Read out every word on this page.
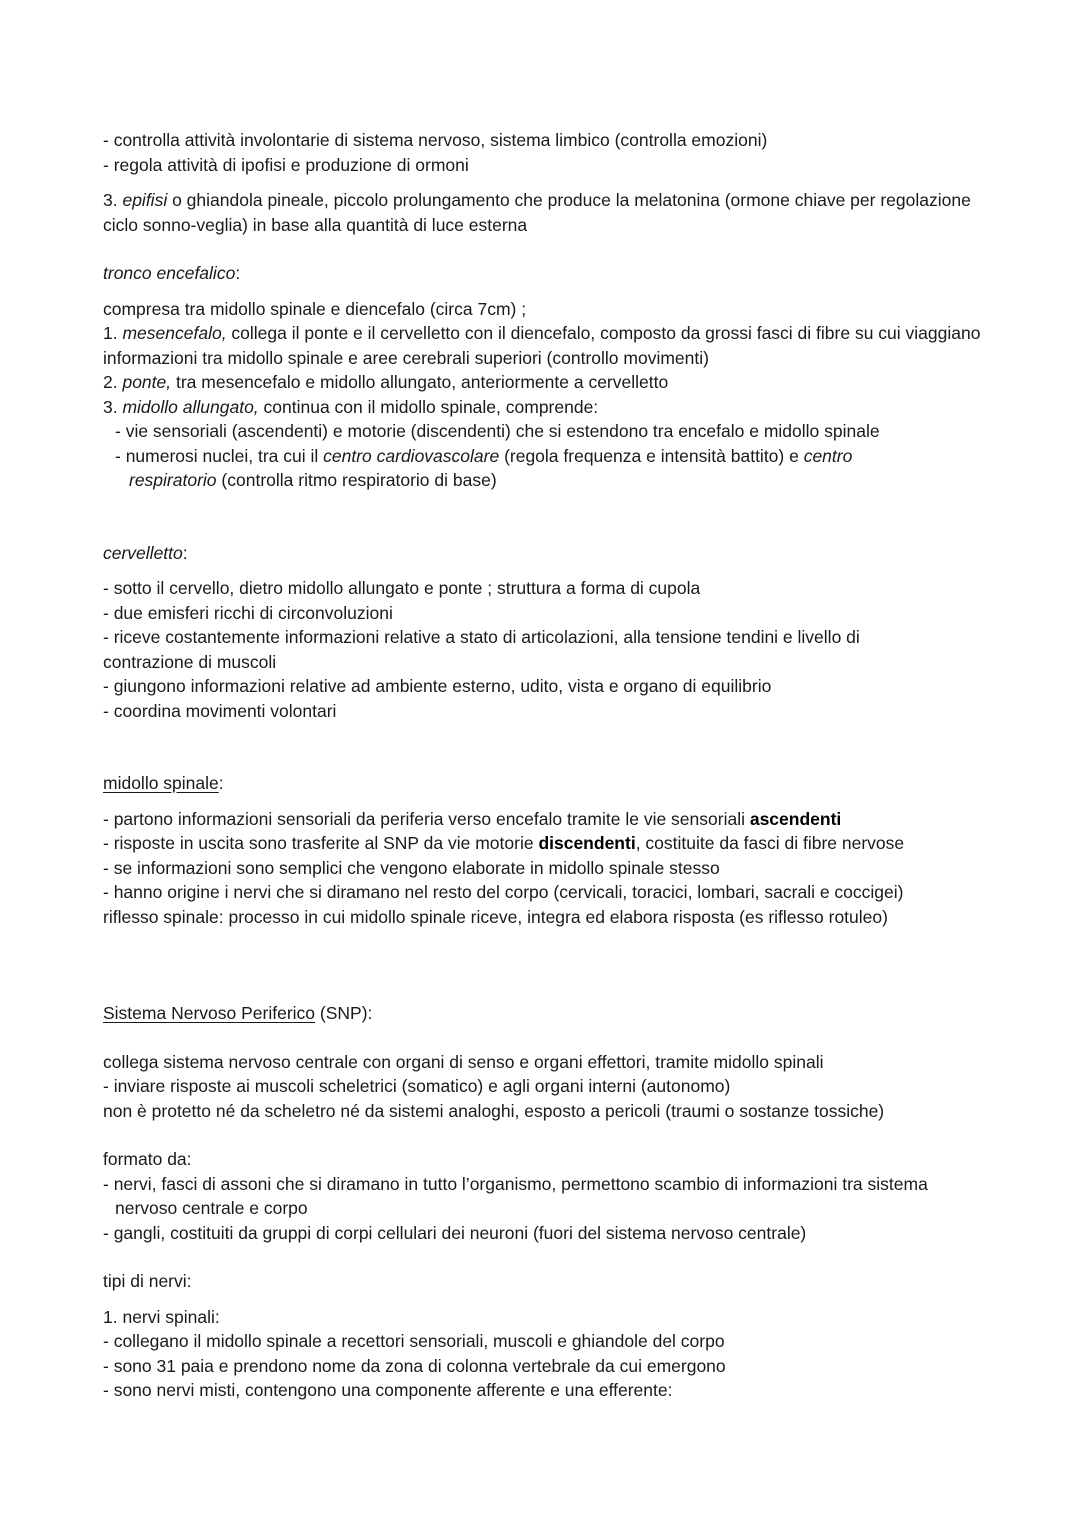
- controlla attività involontarie di sistema nervoso, sistema limbico (controlla emozioni)

- regola attività di ipofisi e produzione di ormoni

3. epifisi o ghiandola pineale, piccolo prolungamento che produce la melatonina (ormone chiave per regolazione ciclo sonno-veglia) in base alla quantità di luce esterna

tronco encefalico:

compresa tra midollo spinale e diencefalo (circa 7cm) ;

1. mesencefalo, collega il ponte e il cervelletto con il diencefalo, composto da grossi fasci di fibre su cui viaggiano informazioni tra midollo spinale e aree cerebrali superiori (controllo movimenti)

2. ponte, tra mesencefalo e midollo allungato, anteriormente a cervelletto

3. midollo allungato, continua con il midollo spinale, comprende:

- vie sensoriali (ascendenti) e motorie (discendenti) che si estendono tra encefalo e midollo spinale

- numerosi nuclei, tra cui il centro cardiovascolare (regola frequenza e intensità battito) e centro

respiratorio (controlla ritmo respiratorio di base)

cervelletto:

- sotto il cervello, dietro midollo allungato e ponte ; struttura a forma di cupola

- due emisferi ricchi di circonvoluzioni

- riceve costantemente informazioni relative a stato di articolazioni, alla tensione tendini e livello di

contrazione di muscoli

- giungono informazioni relative ad ambiente esterno, udito, vista e organo di equilibrio

- coordina movimenti volontari

midollo spinale:

- partono informazioni sensoriali da periferia verso encefalo tramite le vie sensoriali ascendenti

- risposte in uscita sono trasferite al SNP da vie motorie discendenti, costituite da fasci di fibre nervose

- se informazioni sono semplici che vengono elaborate in midollo spinale stesso

- hanno origine i nervi che si diramano nel resto del corpo (cervicali, toracici, lombari, sacrali e coccigei)

riflesso spinale: processo in cui midollo spinale riceve, integra ed elabora risposta (es riflesso rotuleo)

Sistema Nervoso Periferico (SNP):

collega sistema nervoso centrale con organi di senso e organi effettori, tramite midollo spinali

- inviare risposte ai muscoli scheletrici (somatico) e agli organi interni (autonomo)

non è protetto né da scheletro né da sistemi analoghi, esposto a pericoli (traumi o sostanze tossiche)

formato da:

- nervi, fasci di assoni che si diramano in tutto l’organismo, permettono scambio di informazioni tra sistema

nervoso centrale e corpo

- gangli, costituiti da gruppi di corpi cellulari dei neuroni (fuori del sistema nervoso centrale)

tipi di nervi:

1. nervi spinali:

- collegano il midollo spinale a recettori sensoriali, muscoli e ghiandole del corpo

- sono 31 paia e prendono nome da zona di colonna vertebrale da cui emergono

- sono nervi misti, contengono una componente afferente e una efferente:
